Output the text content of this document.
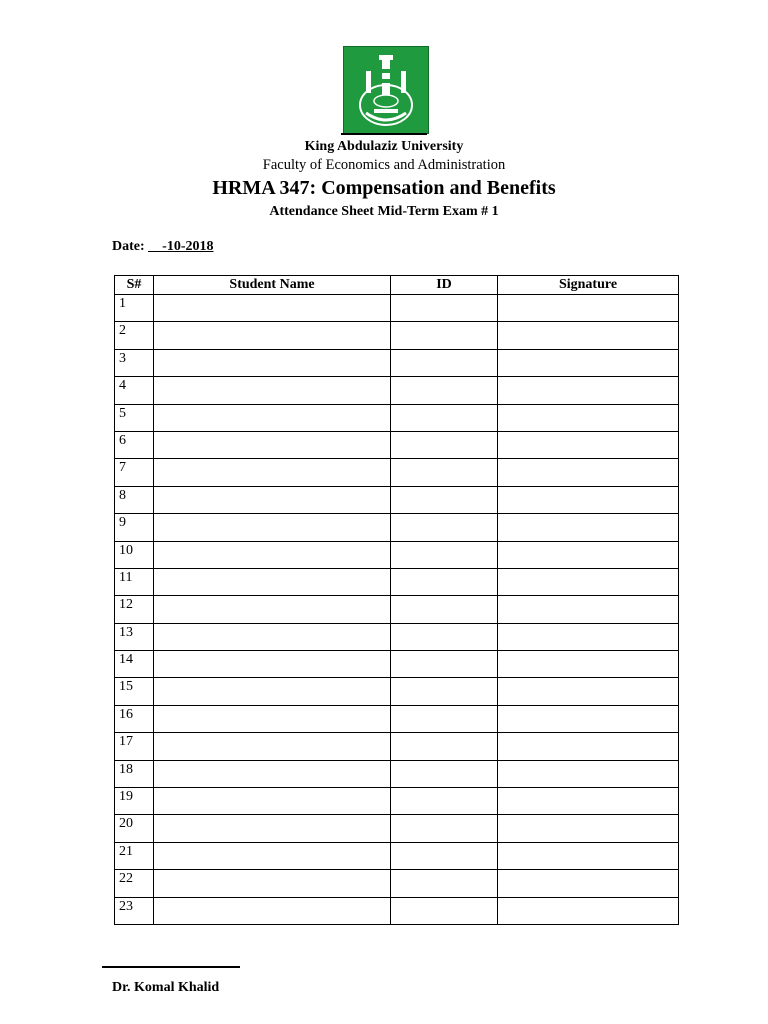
King Abdulaziz University
Faculty of Economics and Administration
HRMA 347: Compensation and Benefits
Attendance Sheet Mid-Term Exam # 1
Date: __-10-2018
S#	Student Name	ID	Signature
1			
2			
3			
4			
5			
6			
7			
8			
9			
10			
11			
12			
13			
14			
15			
16			
17			
18			
19			
20			
21			
22			
23			
Dr. Komal Khalid
